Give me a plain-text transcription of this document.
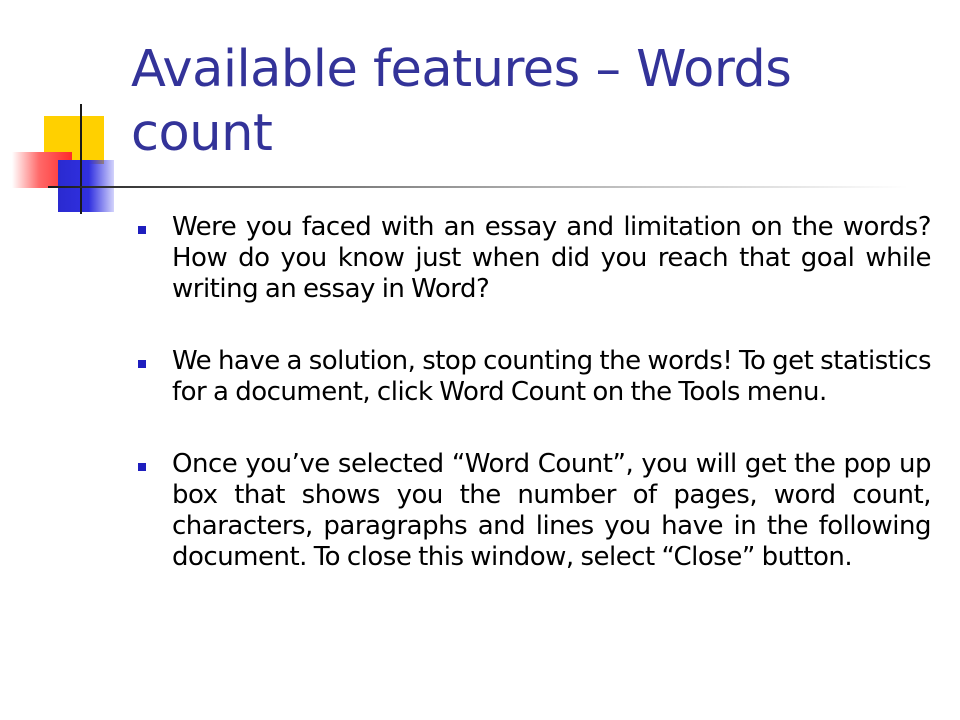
Available features – Words count
Were you faced with an essay and limitation on the words? How do you know just when did you reach that goal while writing an essay in Word?
We have a solution, stop counting the words! To get statistics for a document, click Word Count on the Tools menu.
Once you’ve selected “Word Count”, you will get the pop up box that shows you the number of pages, word count, characters, paragraphs and lines you have in the following document. To close this window, select “Close” button.
